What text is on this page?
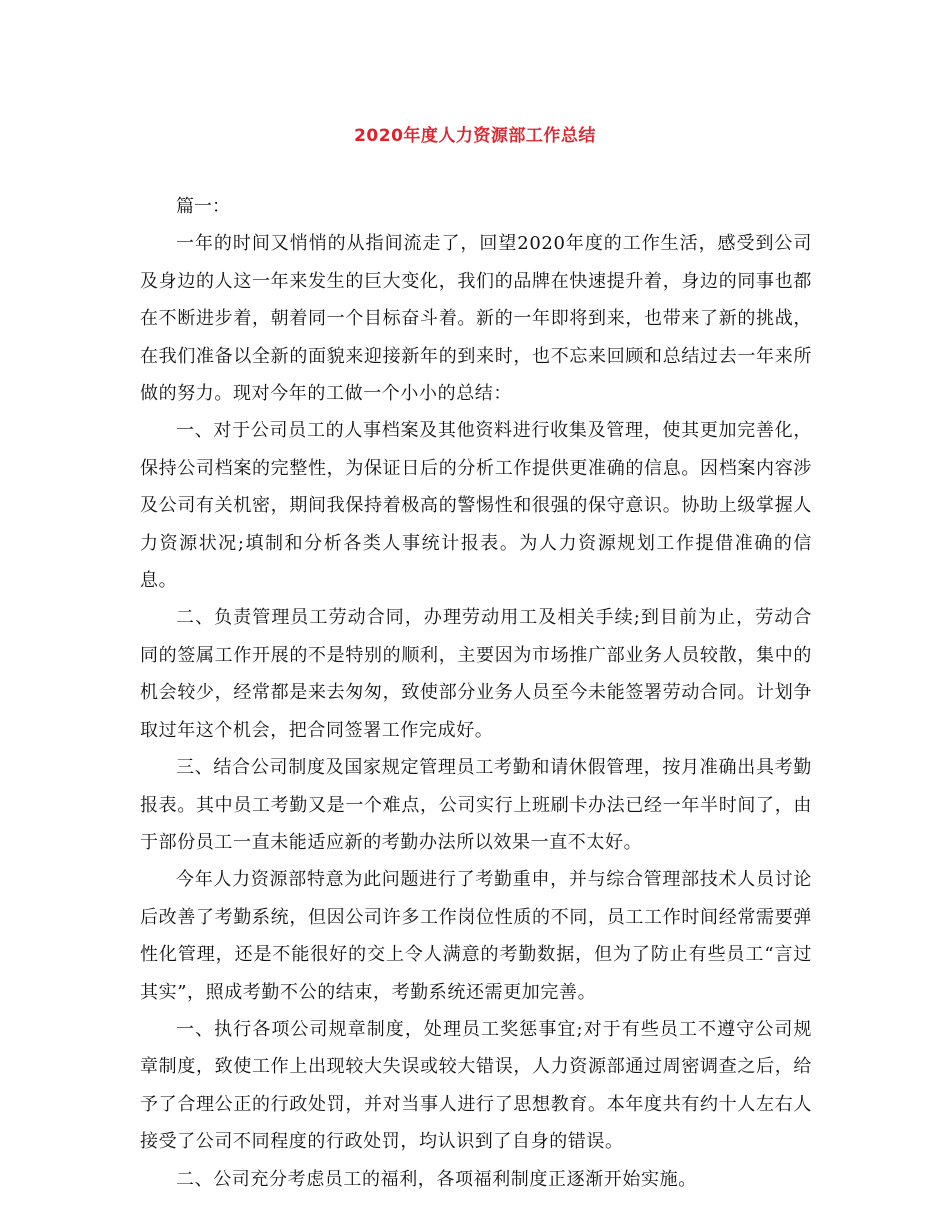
2020年度人力资源部工作总结

篇一：

一年的时间又悄悄的从指间流走了，回望2020年度的工作生活，感受到公司及身边的人这一年来发生的巨大变化，我们的品牌在快速提升着，身边的同事也都在不断进步着，朝着同一个目标奋斗着。新的一年即将到来，也带来了新的挑战，在我们准备以全新的面貌来迎接新年的到来时，也不忘来回顾和总结过去一年来所做的努力。现对今年的工做一个小小的总结：

一、对于公司员工的人事档案及其他资料进行收集及管理，使其更加完善化，保持公司档案的完整性，为保证日后的分析工作提供更准确的信息。因档案内容涉及公司有关机密，期间我保持着极高的警惕性和很强的保守意识。协助上级掌握人力资源状况;填制和分析各类人事统计报表。为人力资源规划工作提借准确的信息。

二、负责管理员工劳动合同，办理劳动用工及相关手续;到目前为止，劳动合同的签属工作开展的不是特别的顺利，主要因为市场推广部业务人员较散，集中的机会较少，经常都是来去匆匆，致使部分业务人员至今未能签署劳动合同。计划争取过年这个机会，把合同签署工作完成好。

三、结合公司制度及国家规定管理员工考勤和请休假管理，按月准确出具考勤报表。其中员工考勤又是一个难点，公司实行上班刷卡办法已经一年半时间了，由于部份员工一直未能适应新的考勤办法所以效果一直不太好。

今年人力资源部特意为此问题进行了考勤重申，并与综合管理部技术人员讨论后改善了考勤系统，但因公司许多工作岗位性质的不同，员工工作时间经常需要弹性化管理，还是不能很好的交上令人满意的考勤数据，但为了防止有些员工“言过其实”，照成考勤不公的结束，考勤系统还需更加完善。

一、执行各项公司规章制度，处理员工奖惩事宜;对于有些员工不遵守公司规章制度，致使工作上出现较大失误或较大错误，人力资源部通过周密调查之后，给予了合理公正的行政处罚，并对当事人进行了思想教育。本年度共有约十人左右人接受了公司不同程度的行政处罚，均认识到了自身的错误。

二、公司充分考虑员工的福利，各项福利制度正逐渐开始实施。
